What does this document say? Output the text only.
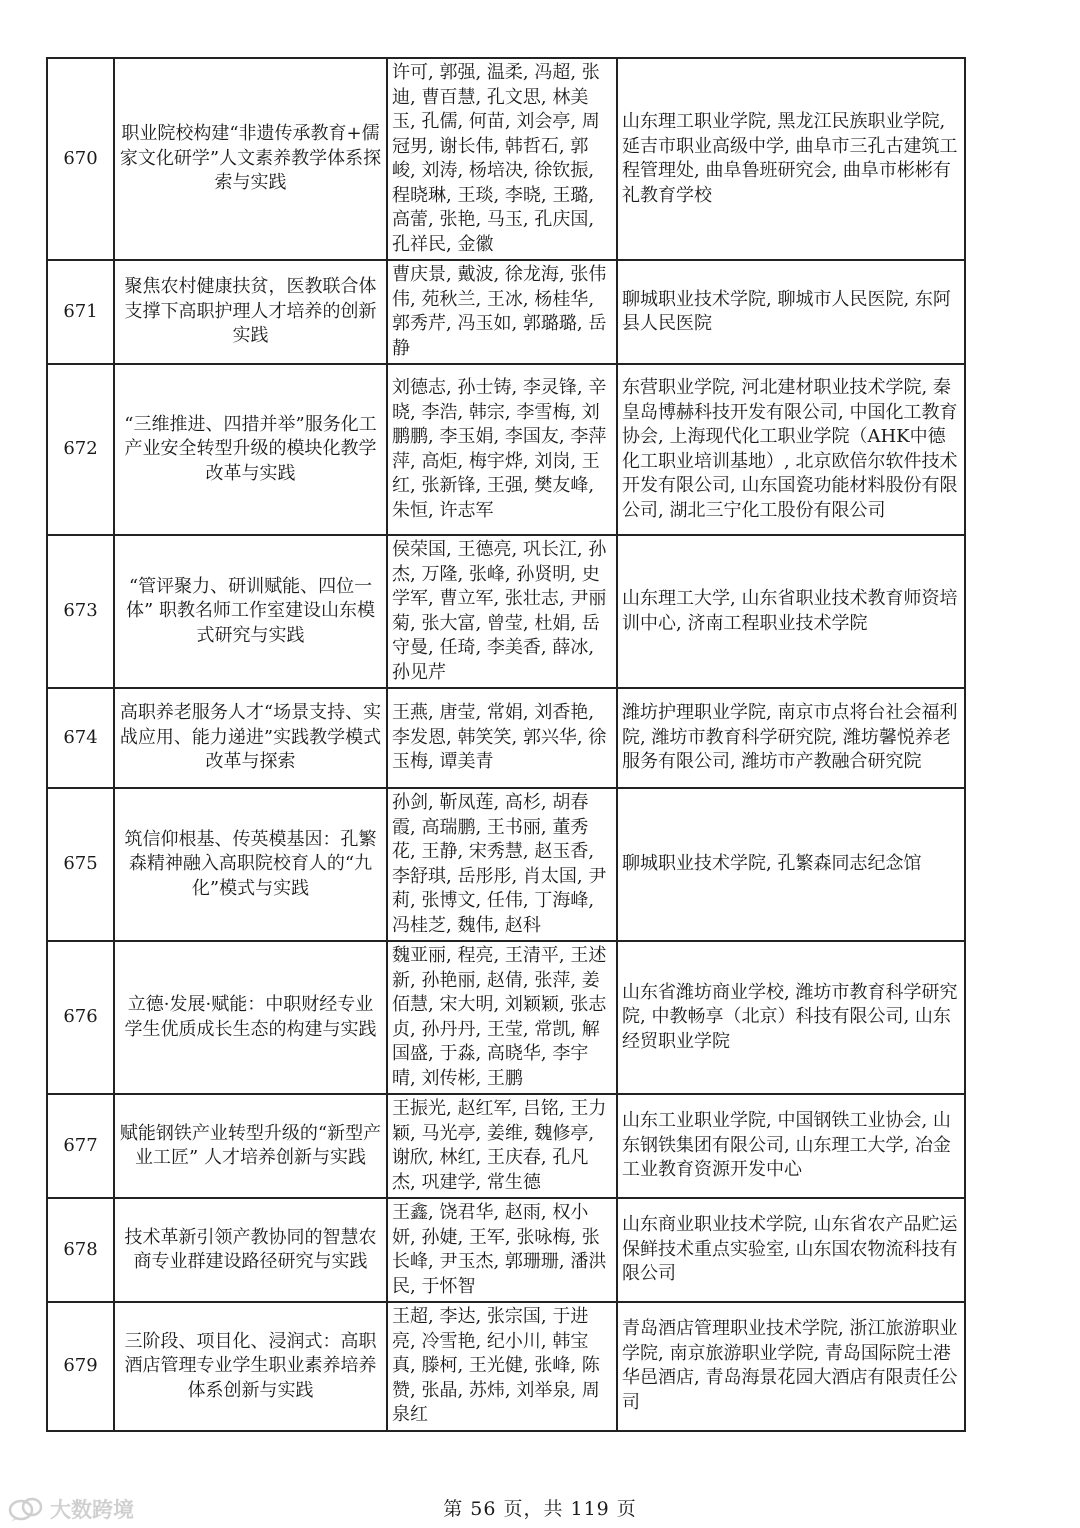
670	职业院校构建“非遗传承教育+儒家文化研学”人文素养教学体系探索与实践	许可, 郭强, 温柔, 冯超, 张迪, 曹百慧, 孔文思, 林美玉, 孔儒, 何苗, 刘会亭, 周冠男, 谢长伟, 韩哲石, 郭峻, 刘涛, 杨培决, 徐钦振, 程晓琳, 王琰, 李晓, 王璐, 高蕾, 张艳, 马玉, 孔庆国, 孔祥民, 金徽	山东理工职业学院, 黑龙江民族职业学院, 延吉市职业高级中学, 曲阜市三孔古建筑工程管理处, 曲阜鲁班研究会, 曲阜市彬彬有礼教育学校
671	聚焦农村健康扶贫，医教联合体支撑下高职护理人才培养的创新实践	曹庆景, 戴波, 徐龙海, 张伟伟, 苑秋兰, 王冰, 杨桂华, 郭秀芹, 冯玉如, 郭璐璐, 岳静	聊城职业技术学院, 聊城市人民医院, 东阿县人民医院
672	“三维推进、四措并举”服务化工产业安全转型升级的模块化教学改革与实践	刘德志, 孙士铸, 李灵锋, 辛晓, 李浩, 韩宗, 李雪梅, 刘鹏鹏, 李玉娟, 李国友, 李萍萍, 高炬, 梅宇烨, 刘岗, 王红, 张新锋, 王强, 樊友峰, 朱恒, 许志军	东营职业学院, 河北建材职业技术学院, 秦皇岛博赫科技开发有限公司, 中国化工教育协会, 上海现代化工职业学院（AHK中德化工职业培训基地）, 北京欧倍尔软件技术开发有限公司, 山东国瓷功能材料股份有限公司, 湖北三宁化工股份有限公司
673	“管评聚力、研训赋能、四位一体” 职教名师工作室建设山东模式研究与实践	侯荣国, 王德亮, 巩长江, 孙杰, 万隆, 张峰, 孙贤明, 史学军, 曹立军, 张壮志, 尹丽菊, 张大富, 曾莹, 杜娟, 岳守曼, 任琦, 李美香, 薛冰, 孙见芹	山东理工大学, 山东省职业技术教育师资培训中心, 济南工程职业技术学院
674	高职养老服务人才“场景支持、实战应用、能力递进”实践教学模式改革与探索	王燕, 唐莹, 常娟, 刘香艳, 李发恩, 韩笑笑, 郭兴华, 徐玉梅, 谭美青	潍坊护理职业学院, 南京市点将台社会福利院, 潍坊市教育科学研究院, 潍坊馨悦养老服务有限公司, 潍坊市产教融合研究院
675	筑信仰根基、传英模基因：孔繁森精神融入高职院校育人的“九化”模式与实践	孙剑, 靳凤莲, 高杉, 胡春霞, 高瑞鹏, 王书丽, 董秀花, 王静, 宋秀慧, 赵玉香, 李舒琪, 岳彤彤, 肖太国, 尹莉, 张博文, 任伟, 丁海峰, 冯桂芝, 魏伟, 赵科	聊城职业技术学院, 孔繁森同志纪念馆
676	立德·发展·赋能：中职财经专业学生优质成长生态的构建与实践	魏亚丽, 程亮, 王清平, 王述新, 孙艳丽, 赵倩, 张萍, 姜佰慧, 宋大明, 刘颖颖, 张志贞, 孙丹丹, 王莹, 常凯, 解国盛, 于淼, 高晓华, 李宇晴, 刘传彬, 王鹏	山东省潍坊商业学校, 潍坊市教育科学研究院, 中教畅享（北京）科技有限公司, 山东经贸职业学院
677	赋能钢铁产业转型升级的“新型产业工匠” 人才培养创新与实践	王振光, 赵红军, 吕铭, 王力颖, 马光亭, 姜维, 魏修亭, 谢欣, 林红, 王庆春, 孔凡杰, 巩建学, 常生德	山东工业职业学院, 中国钢铁工业协会, 山东钢铁集团有限公司, 山东理工大学, 冶金工业教育资源开发中心
678	技术革新引领产教协同的智慧农商专业群建设路径研究与实践	王鑫, 饶君华, 赵雨, 权小妍, 孙婕, 王军, 张咏梅, 张长峰, 尹玉杰, 郭珊珊, 潘洪民, 于怀智	山东商业职业技术学院, 山东省农产品贮运保鲜技术重点实验室, 山东国农物流科技有限公司
679	三阶段、项目化、浸润式：高职酒店管理专业学生职业素养培养体系创新与实践	王超, 李达, 张宗国, 于进亮, 冷雪艳, 纪小川, 韩宝真, 滕柯, 王光健, 张峰, 陈赞, 张晶, 苏炜, 刘举泉, 周泉红	青岛酒店管理职业技术学院, 浙江旅游职业学院, 南京旅游职业学院, 青岛国际院士港华邑酒店, 青岛海景花园大酒店有限责任公司
大数跨境	第 56 页，共 119 页
